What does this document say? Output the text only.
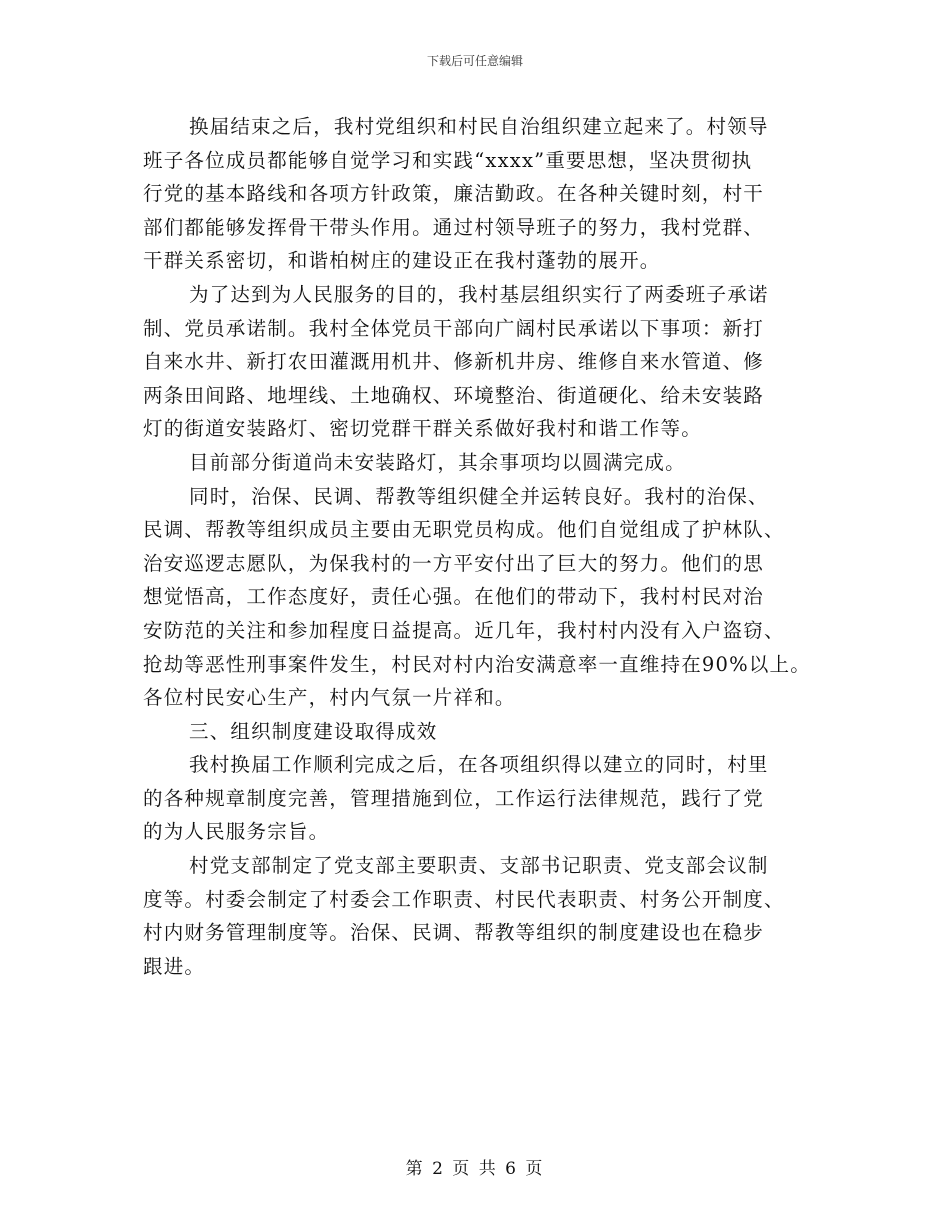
下载后可任意编辑
换届结束之后，我村党组织和村民自治组织建立起来了。村领导
班子各位成员都能够自觉学习和实践“xxxx”重要思想，坚决贯彻执
行党的基本路线和各项方针政策，廉洁勤政。在各种关键时刻，村干
部们都能够发挥骨干带头作用。通过村领导班子的努力，我村党群、
干群关系密切，和谐柏树庄的建设正在我村蓬勃的展开。
为了达到为人民服务的目的，我村基层组织实行了两委班子承诺
制、党员承诺制。我村全体党员干部向广阔村民承诺以下事项：新打
自来水井、新打农田灌溉用机井、修新机井房、维修自来水管道、修
两条田间路、地埋线、土地确权、环境整治、街道硬化、给未安装路
灯的街道安装路灯、密切党群干群关系做好我村和谐工作等。
目前部分街道尚未安装路灯，其余事项均以圆满完成。
同时，治保、民调、帮教等组织健全并运转良好。我村的治保、
民调、帮教等组织成员主要由无职党员构成。他们自觉组成了护林队、
治安巡逻志愿队，为保我村的一方平安付出了巨大的努力。他们的思
想觉悟高，工作态度好，责任心强。在他们的带动下，我村村民对治
安防范的关注和参加程度日益提高。近几年，我村村内没有入户盗窃、
抢劫等恶性刑事案件发生，村民对村内治安满意率一直维持在90%以上。
各位村民安心生产，村内气氛一片祥和。
三、组织制度建设取得成效
我村换届工作顺利完成之后，在各项组织得以建立的同时，村里
的各种规章制度完善，管理措施到位，工作运行法律规范，践行了党
的为人民服务宗旨。
村党支部制定了党支部主要职责、支部书记职责、党支部会议制
度等。村委会制定了村委会工作职责、村民代表职责、村务公开制度、
村内财务管理制度等。治保、民调、帮教等组织的制度建设也在稳步
跟进。
第 2 页 共 6 页
